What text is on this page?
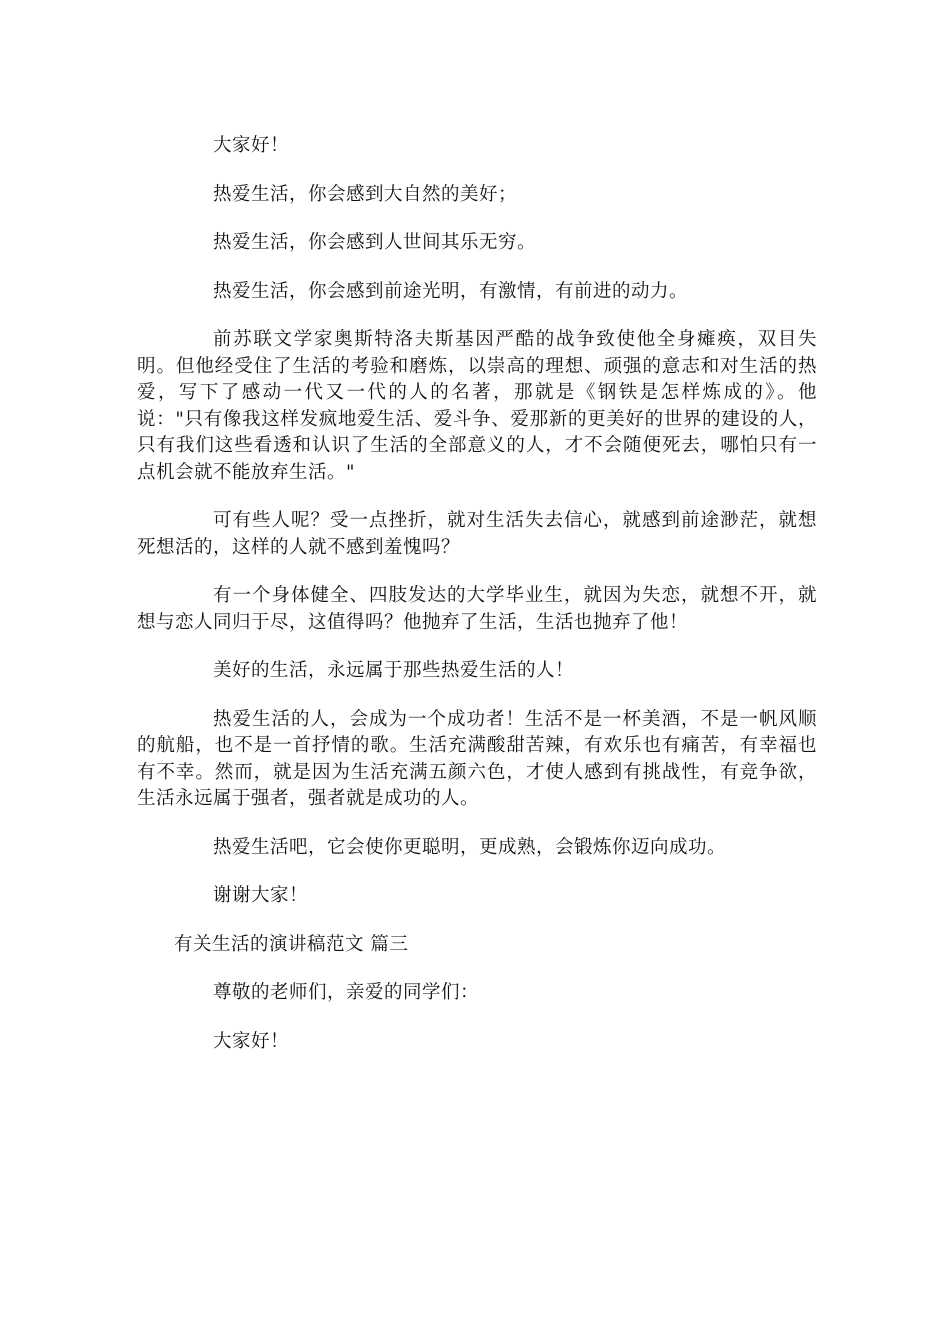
大家好！

热爱生活，你会感到大自然的美好；

热爱生活，你会感到人世间其乐无穷。

热爱生活，你会感到前途光明，有激情，有前进的动力。

前苏联文学家奥斯特洛夫斯基因严酷的战争致使他全身瘫痪，双目失明。但他经受住了生活的考验和磨炼，以崇高的理想、顽强的意志和对生活的热爱，写下了感动一代又一代的人的名著，那就是《钢铁是怎样炼成的》。他说："只有像我这样发疯地爱生活、爱斗争、爱那新的更美好的世界的建设的人，只有我们这些看透和认识了生活的全部意义的人，才不会随便死去，哪怕只有一点机会就不能放弃生活。"

可有些人呢？受一点挫折，就对生活失去信心，就感到前途渺茫，就想死想活的，这样的人就不感到羞愧吗？

有一个身体健全、四肢发达的大学毕业生，就因为失恋，就想不开，就想与恋人同归于尽，这值得吗？他抛弃了生活，生活也抛弃了他！

美好的生活，永远属于那些热爱生活的人！

热爱生活的人，会成为一个成功者！生活不是一杯美酒，不是一帆风顺的航船，也不是一首抒情的歌。生活充满酸甜苦辣，有欢乐也有痛苦，有幸福也有不幸。然而，就是因为生活充满五颜六色，才使人感到有挑战性，有竞争欲，生活永远属于强者，强者就是成功的人。

热爱生活吧，它会使你更聪明，更成熟，会锻炼你迈向成功。

谢谢大家！

有关生活的演讲稿范文 篇三

尊敬的老师们，亲爱的同学们：

大家好！
